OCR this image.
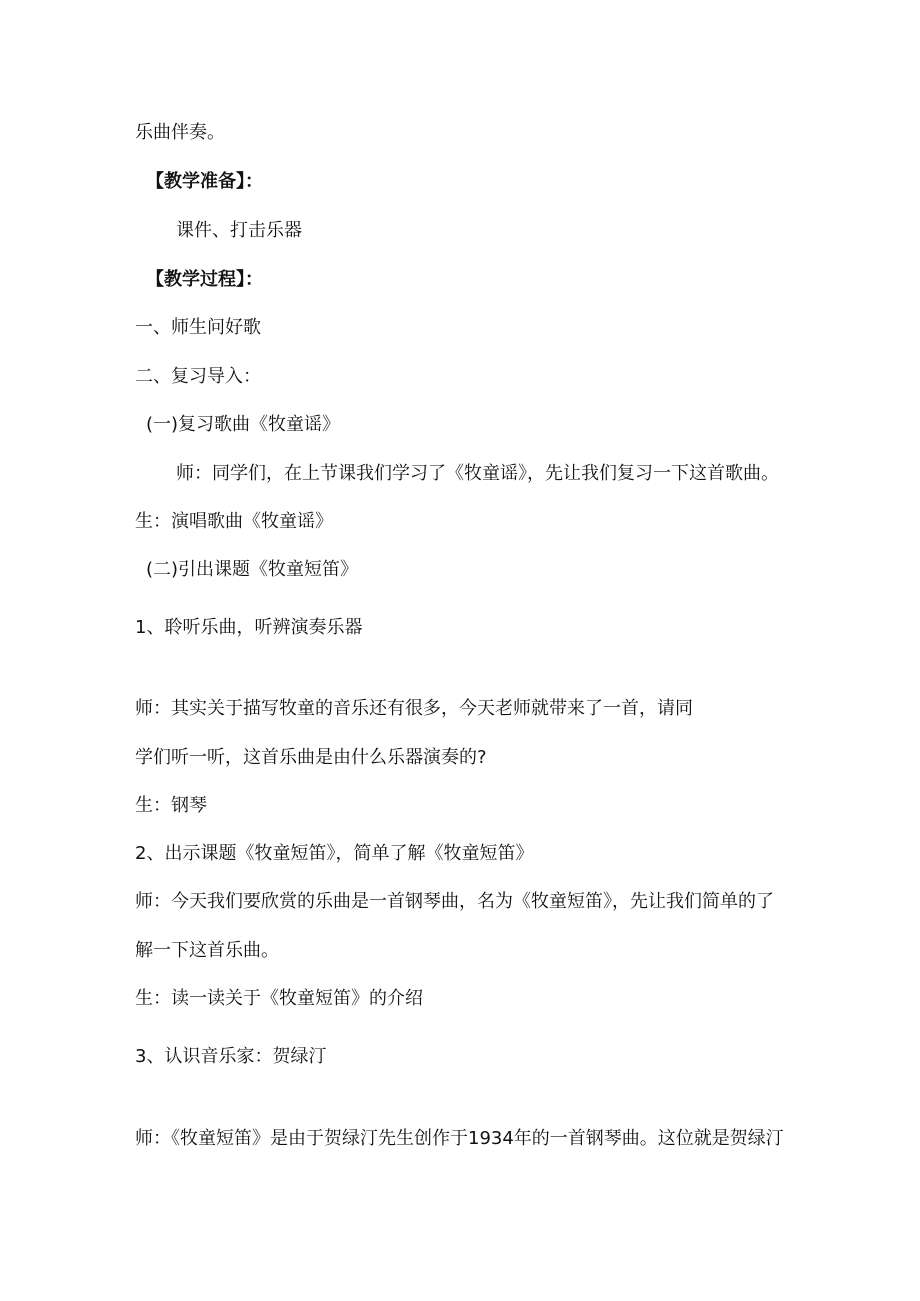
乐曲伴奏。
【教学准备】：
课件、打击乐器
【教学过程】：
一、师生问好歌
二、复习导入：
(一)复习歌曲《牧童谣》
师：同学们，在上节课我们学习了《牧童谣》，先让我们复习一下这首歌曲。
生：演唱歌曲《牧童谣》
(二)引出课题《牧童短笛》
1、聆听乐曲，听辨演奏乐器
师：其实关于描写牧童的音乐还有很多，今天老师就带来了一首，请同
学们听一听，这首乐曲是由什么乐器演奏的?
生：钢琴
2、出示课题《牧童短笛》，简单了解《牧童短笛》
师：今天我们要欣赏的乐曲是一首钢琴曲，名为《牧童短笛》，先让我们简单的了
解一下这首乐曲。
生：读一读关于《牧童短笛》的介绍
3、认识音乐家：贺绿汀
师：《牧童短笛》是由于贺绿汀先生创作于1934年的一首钢琴曲。这位就是贺绿汀
